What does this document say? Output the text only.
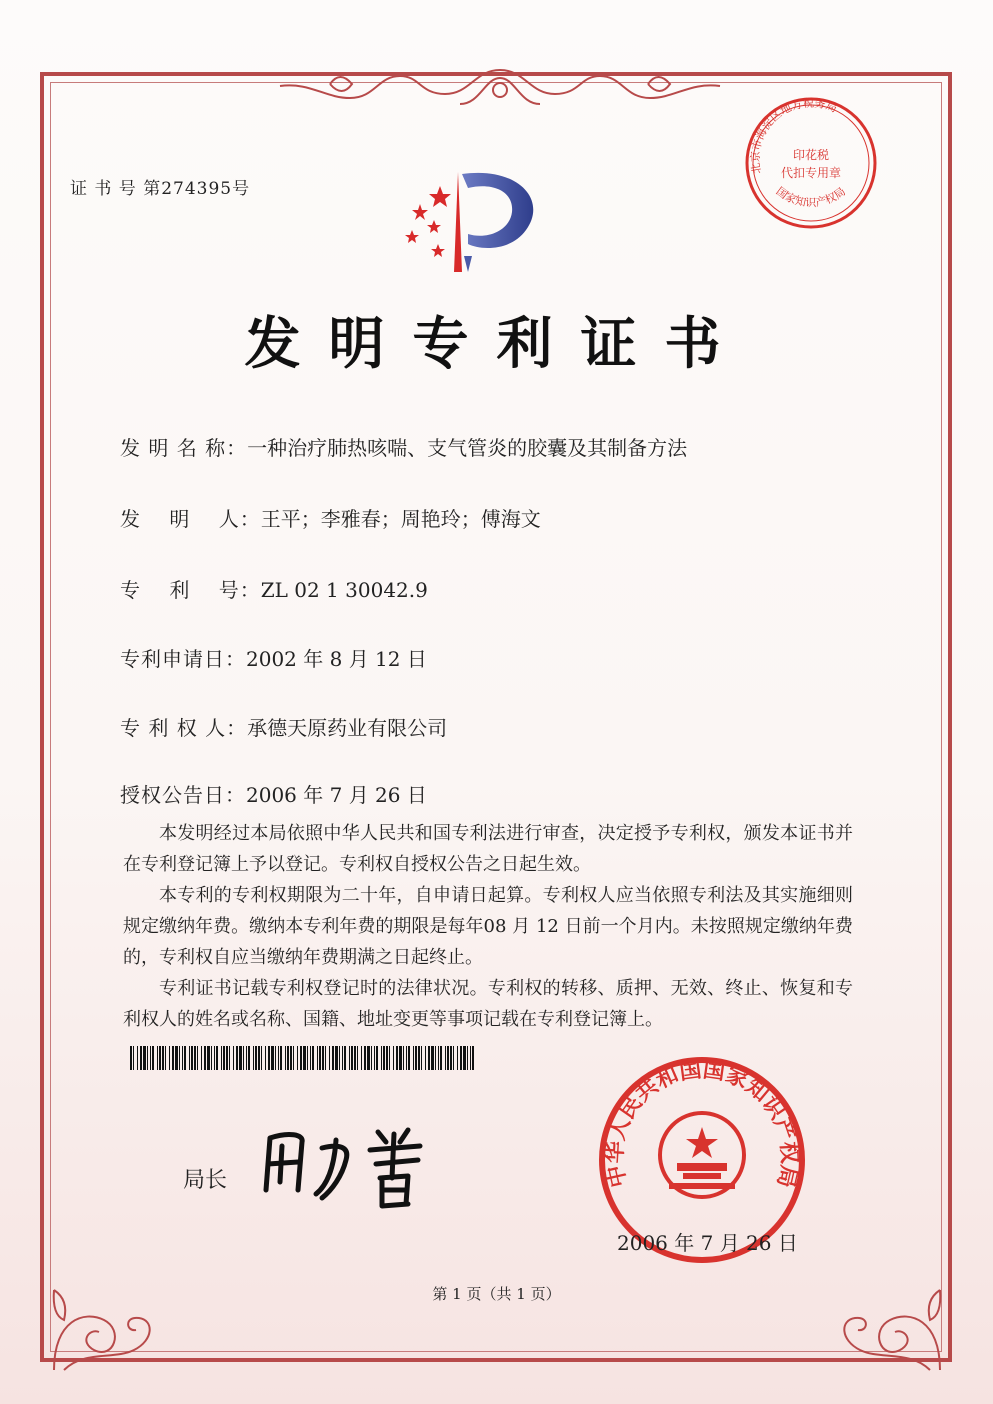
证 书 号 第274395号
发明专利证书
发 明 名 称：一种治疗肺热咳喘、支气管炎的胶囊及其制备方法
发　 明　 人：王平；李雅春；周艳玲；傅海文
专　 利　 号：ZL 02 1 30042.9
专利申请日：2002 年 8 月 12 日
专 利 权 人：承德天原药业有限公司
授权公告日：2006 年 7 月 26 日

本发明经过本局依照中华人民共和国专利法进行审查，决定授予专利权，颁发本证书并在专利登记簿上予以登记。专利权自授权公告之日起生效。

本专利的专利权期限为二十年，自申请日起算。专利权人应当依照专利法及其实施细则规定缴纳年费。缴纳本专利年费的期限是每年08 月 12 日前一个月内。未按照规定缴纳年费的，专利权自应当缴纳年费期满之日起终止。

专利证书记载专利权登记时的法律状况。专利权的转移、质押、无效、终止、恢复和专利权人的姓名或名称、国籍、地址变更等事项记载在专利登记簿上。

局长	中华人民共和国国家知识产权局
北京市海淀区地方税务局
国家知识产权局
印花税
代扣专用章
2006 年 7 月 26 日
第 1 页（共 1 页）
